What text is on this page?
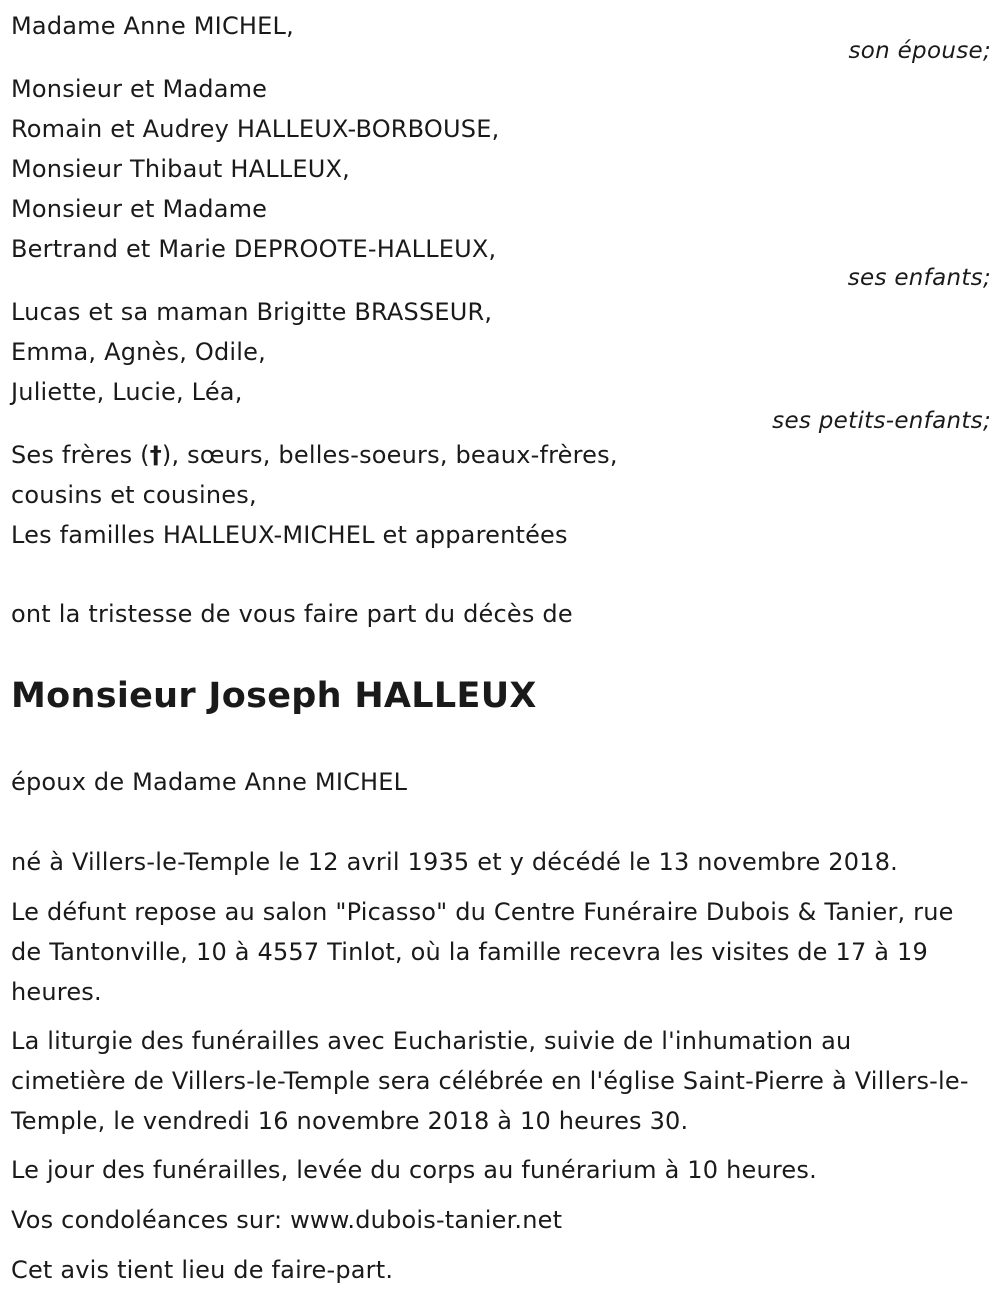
Madame Anne MICHEL,
son épouse;
Monsieur et Madame
Romain et Audrey HALLEUX-BORBOUSE,
Monsieur Thibaut HALLEUX,
Monsieur et Madame
Bertrand et Marie DEPROOTE-HALLEUX,
ses enfants;
Lucas et sa maman Brigitte BRASSEUR,
Emma, Agnès, Odile,
Juliette, Lucie, Léa,
ses petits-enfants;
Ses frères (†), sœurs, belles-soeurs, beaux-frères,
cousins et cousines,
Les familles HALLEUX-MICHEL et apparentées
ont la tristesse de vous faire part du décès de
Monsieur Joseph HALLEUX
époux de Madame Anne MICHEL
né à Villers-le-Temple le 12 avril 1935 et y décédé le 13 novembre 2018.
Le défunt repose au salon "Picasso" du Centre Funéraire Dubois & Tanier, rue de Tantonville, 10 à 4557 Tinlot, où la famille recevra les visites de 17 à 19 heures.
La liturgie des funérailles avec Eucharistie, suivie de l'inhumation au cimetière de Villers-le-Temple sera célébrée en l'église Saint-Pierre à Villers-le-Temple, le vendredi 16 novembre 2018 à 10 heures 30.
Le jour des funérailles, levée du corps au funérarium à 10 heures.
Vos condoléances sur: www.dubois-tanier.net
Cet avis tient lieu de faire-part.
